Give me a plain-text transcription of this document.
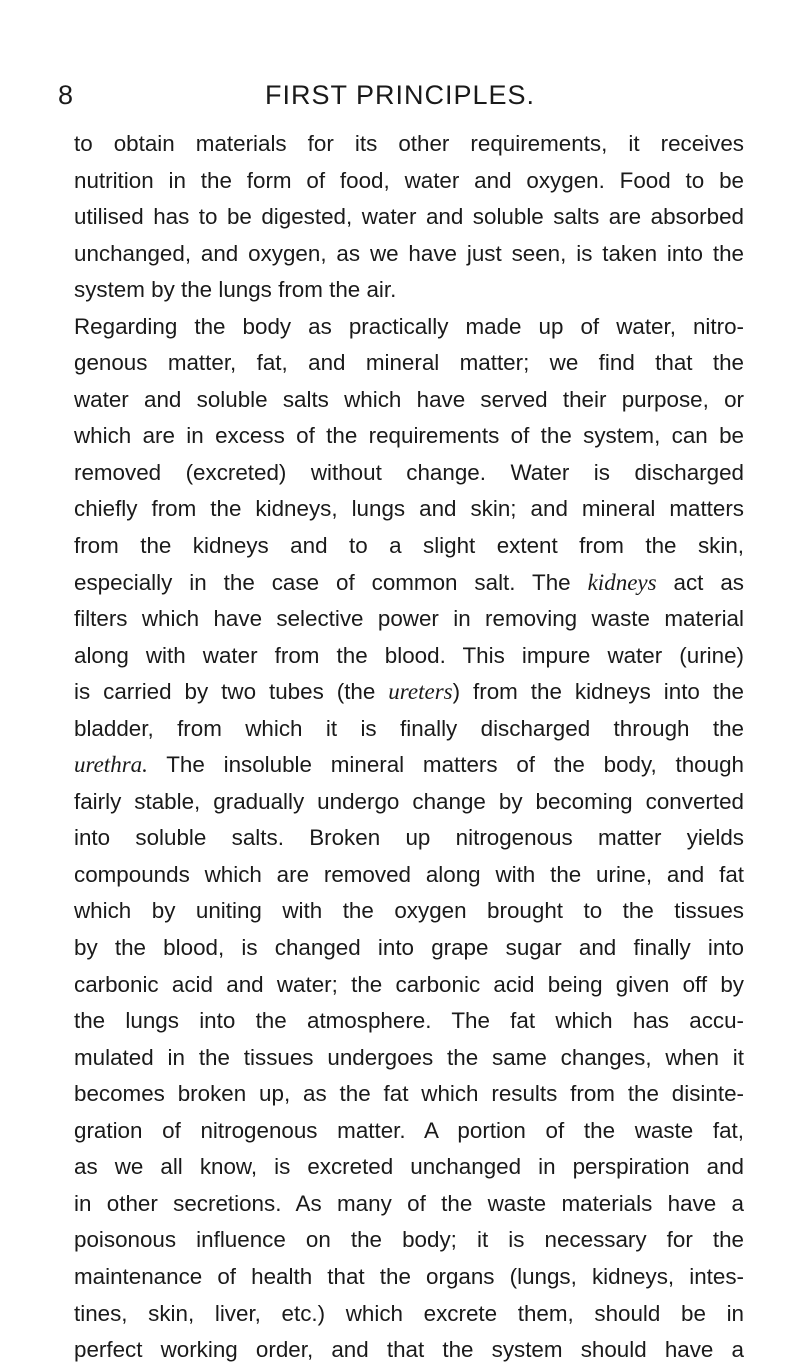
8	FIRST PRINCIPLES.
to obtain materials for its other requirements, it receives
nutrition in the form of food, water and oxygen. Food to be
utilised has to be digested, water and soluble salts are absorbed
unchanged, and oxygen, as we have just seen, is taken into the
system by the lungs from the air.
Regarding the body as practically made up of water, nitro-
genous matter, fat, and mineral matter; we find that the
water and soluble salts which have served their purpose, or
which are in excess of the requirements of the system, can be
removed (excreted) without change. Water is discharged
chiefly from the kidneys, lungs and skin; and mineral matters
from the kidneys and to a slight extent from the skin,
especially in the case of common salt. The kidneys act as
filters which have selective power in removing waste material
along with water from the blood. This impure water (urine)
is carried by two tubes (the ureters) from the kidneys into the
bladder, from which it is finally discharged through the
urethra. The insoluble mineral matters of the body, though
fairly stable, gradually undergo change by becoming converted
into soluble salts. Broken up nitrogenous matter yields
compounds which are removed along with the urine, and fat
which by uniting with the oxygen brought to the tissues
by the blood, is changed into grape sugar and finally into
carbonic acid and water; the carbonic acid being given off by
the lungs into the atmosphere. The fat which has accu-
mulated in the tissues undergoes the same changes, when it
becomes broken up, as the fat which results from the disinte-
gration of nitrogenous matter. A portion of the waste fat,
as we all know, is excreted unchanged in perspiration and
in other secretions. As many of the waste materials have a
poisonous influence on the body; it is necessary for the
maintenance of health that the organs (lungs, kidneys, intes-
tines, skin, liver, etc.) which excrete them, should be in
perfect working order, and that the system should have a
